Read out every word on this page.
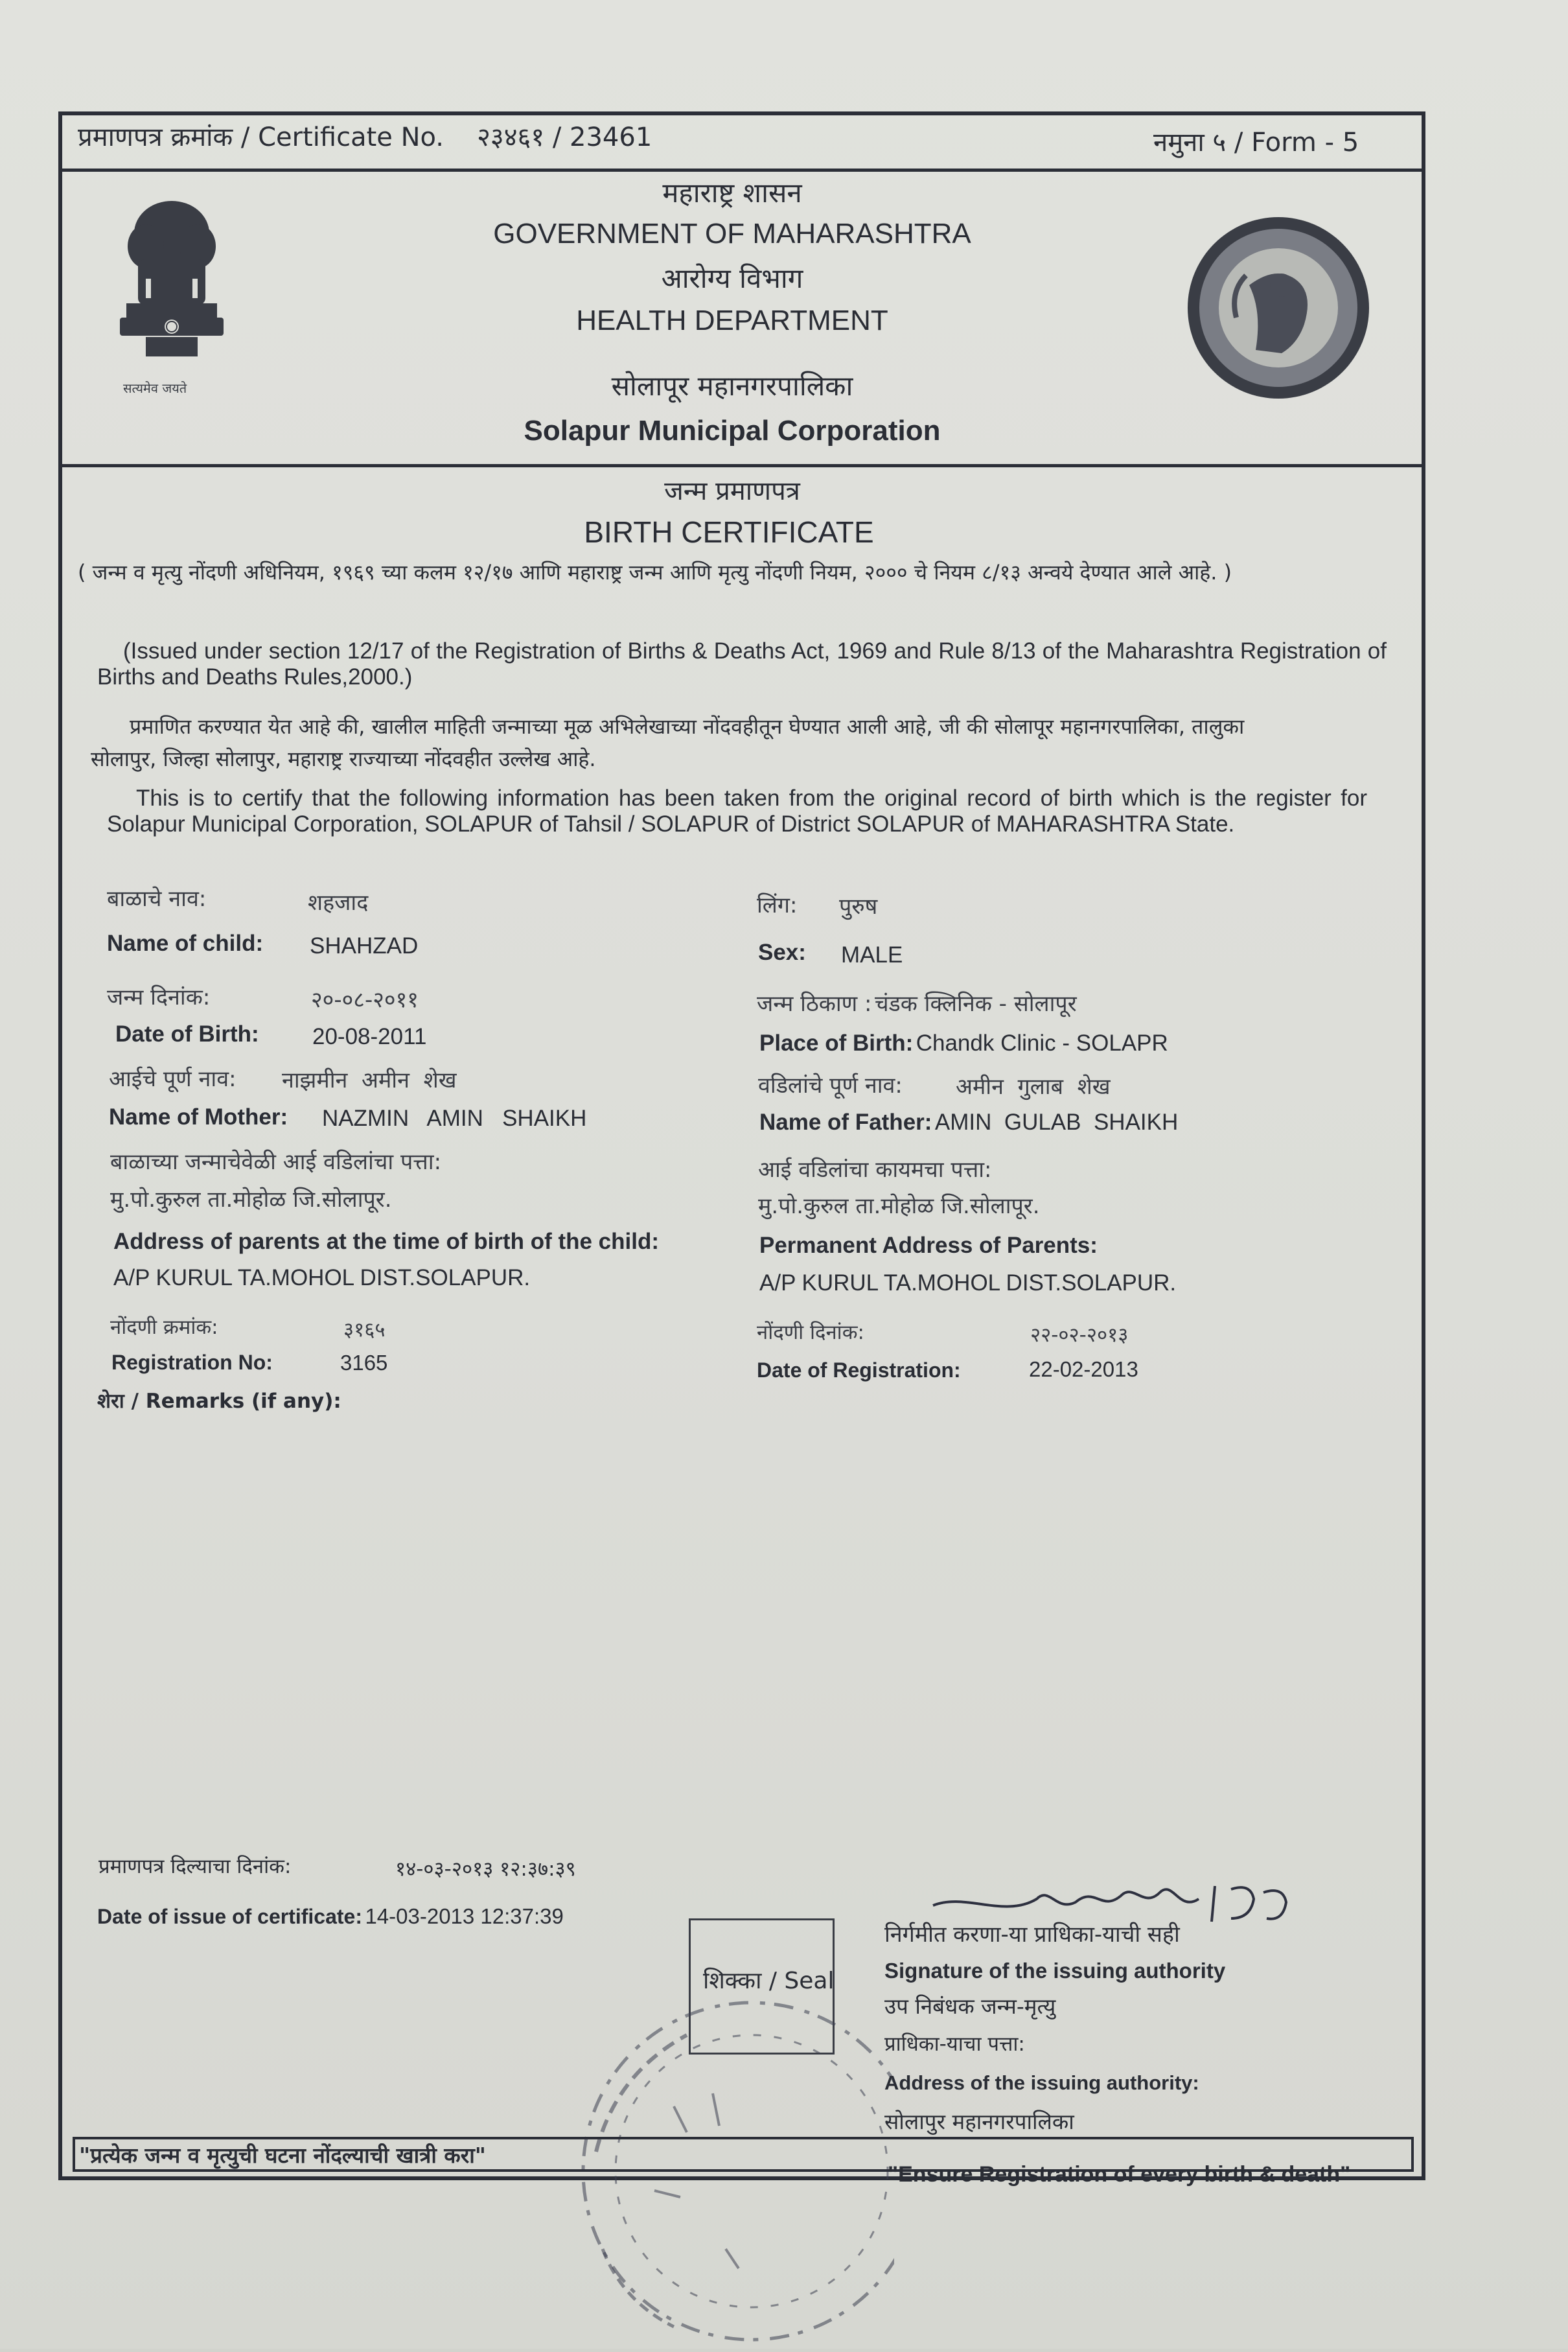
प्रमाणपत्र क्रमांक / Certificate No. २३४६१ / 23461	नमुना ५ / Form - 5
सत्यमेव जयते
महाराष्ट्र शासन
GOVERNMENT OF MAHARASHTRA
आरोग्य विभाग
HEALTH DEPARTMENT
सोलापूर महानगरपालिका
Solapur Municipal Corporation
जन्म प्रमाणपत्र
BIRTH CERTIFICATE
( जन्म व मृत्यु नोंदणी अधिनियम, १९६९ च्या कलम १२/१७ आणि महाराष्ट्र जन्म आणि मृत्यु नोंदणी नियम, २००० चे नियम ८/१३ अन्वये देण्यात आले आहे. )
(Issued under section 12/17 of the Registration of Births & Deaths Act, 1969 and Rule 8/13 of the Maharashtra Registration of Births and Deaths Rules,2000.)
प्रमाणित करण्यात येत आहे की, खालील माहिती जन्माच्या मूळ अभिलेखाच्या नोंदवहीतून घेण्यात आली आहे, जी की सोलापूर महानगरपालिका, तालुका सोलापुर, जिल्हा सोलापुर, महाराष्ट्र राज्याच्या नोंदवहीत उल्लेख आहे.
This is to certify that the following information has been taken from the original record of birth which is the register for Solapur Municipal Corporation, SOLAPUR of Tahsil / SOLAPUR of District SOLAPUR of MAHARASHTRA State.
बाळाचे नाव:	शहजाद
Name of child: SHAHZAD
जन्म दिनांक:	२०-०८-२०११
Date of Birth: 20-08-2011
आईचे पूर्ण नाव: नाझमीन  अमीन  शेख
Name of Mother: NAZMIN   AMIN   SHAIKH
बाळाच्या जन्माचेवेळी आई वडिलांचा पत्ता:
मु.पो.कुरुल ता.मोहोळ जि.सोलापूर.
Address of parents at the time of birth of the child:
A/P KURUL TA.MOHOL DIST.SOLAPUR.
नोंदणी क्रमांक:	३१६५
Registration No:	3165
शेरा / Remarks (if any):
लिंग: पुरुष
Sex: MALE
जन्म ठिकाण : चंडक क्लिनिक - सोलापूर
Place of Birth: Chandk Clinic - SOLAPR
वडिलांचे पूर्ण नाव: अमीन  गुलाब  शेख
Name of Father: AMIN  GULAB  SHAIKH
आई वडिलांचा कायमचा पत्ता:
मु.पो.कुरुल ता.मोहोळ जि.सोलापूर.
Permanent Address of Parents:
A/P KURUL TA.MOHOL DIST.SOLAPUR.
नोंदणी दिनांक:	२२-०२-२०१३
Date of Registration:	22-02-2013
प्रमाणपत्र दिल्याचा दिनांक:	१४-०३-२०१३ १२:३७:३९
Date of issue of certificate: 14-03-2013 12:37:39
शिक्का / Seal
निर्गमीत करणा-या प्राधिका-याची सही
Signature of the issuing authority
उप निबंधक जन्म-मृत्यु
प्राधिका-याचा पत्ता:
Address of the issuing authority:
सोलापुर महानगरपालिका
"प्रत्येक जन्म व मृत्युची घटना नोंदल्याची खात्री करा"
"Ensure Registration of every birth & death"
